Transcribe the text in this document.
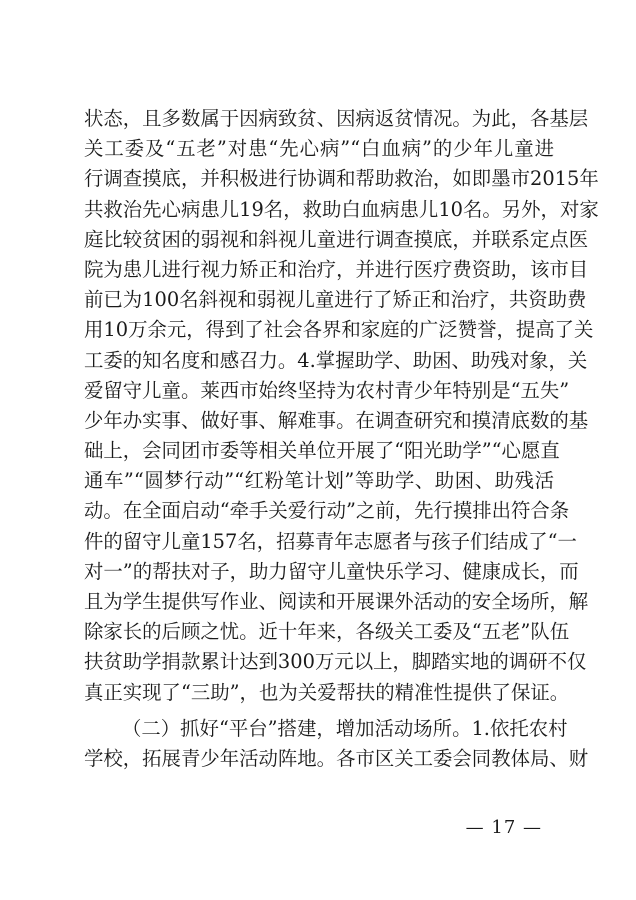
状态，且多数属于因病致贫、因病返贫情况。为此，各基层
关工委及“五老”对患“先心病”“白血病”的少年儿童进
行调查摸底，并积极进行协调和帮助救治，如即墨市2015年
共救治先心病患儿19名，救助白血病患儿10名。另外，对家
庭比较贫困的弱视和斜视儿童进行调查摸底，并联系定点医
院为患儿进行视力矫正和治疗，并进行医疗费资助，该市目
前已为100名斜视和弱视儿童进行了矫正和治疗，共资助费
用10万余元，得到了社会各界和家庭的广泛赞誉，提高了关
工委的知名度和感召力。4.掌握助学、助困、助残对象，关
爱留守儿童。莱西市始终坚持为农村青少年特别是“五失”
少年办实事、做好事、解难事。在调查研究和摸清底数的基
础上，会同团市委等相关单位开展了“阳光助学”“心愿直
通车”“圆梦行动”“红粉笔计划”等助学、助困、助残活
动。在全面启动“牵手关爱行动”之前，先行摸排出符合条
件的留守儿童157名，招募青年志愿者与孩子们结成了“一
对一”的帮扶对子，助力留守儿童快乐学习、健康成长，而
且为学生提供写作业、阅读和开展课外活动的安全场所，解
除家长的后顾之忧。近十年来，各级关工委及“五老”队伍
扶贫助学捐款累计达到300万元以上，脚踏实地的调研不仅
真正实现了“三助”，也为关爱帮扶的精准性提供了保证。
（二）抓好“平台”搭建，增加活动场所。1.依托农村
学校，拓展青少年活动阵地。各市区关工委会同教体局、财
— 17 —
